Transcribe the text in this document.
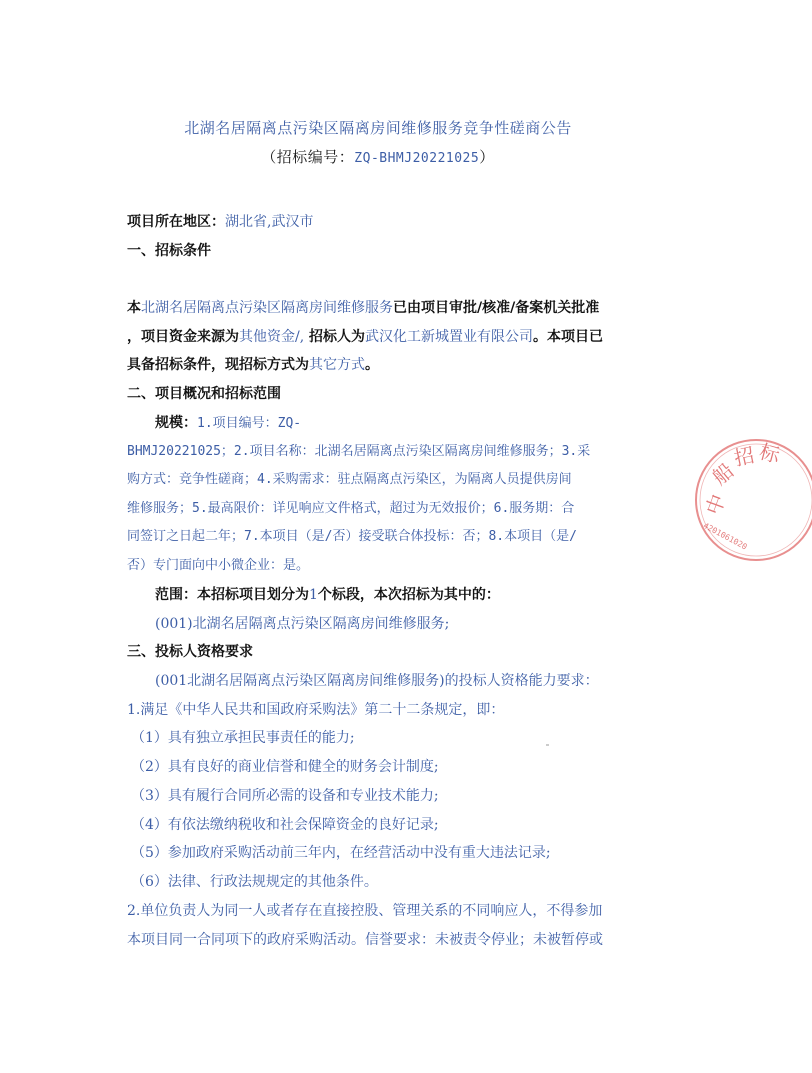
北湖名居隔离点污染区隔离房间维修服务竞争性磋商公告
（招标编号：ZQ-BHMJ20221025）
项目所在地区：湖北省,武汉市
一、招标条件
本北湖名居隔离点污染区隔离房间维修服务已由项目审批/核准/备案机关批准
，项目资金来源为其他资金/, 招标人为武汉化工新城置业有限公司。本项目已
具备招标条件，现招标方式为其它方式。
二、项目概况和招标范围
规模：1.项目编号：ZQ-
BHMJ20221025；2.项目名称：北湖名居隔离点污染区隔离房间维修服务；3.采
购方式：竞争性磋商；4.采购需求：驻点隔离点污染区，为隔离人员提供房间
维修服务；5.最高限价：详见响应文件格式，超过为无效报价；6.服务期：合
同签订之日起二年；7.本项目（是/否）接受联合体投标：否；8.本项目（是/
否）专门面向中小微企业：是。
范围：本招标项目划分为1个标段，本次招标为其中的：
(001)北湖名居隔离点污染区隔离房间维修服务;
三、投标人资格要求
(001北湖名居隔离点污染区隔离房间维修服务)的投标人资格能力要求：
1.满足《中华人民共和国政府采购法》第二十二条规定，即：
（1）具有独立承担民事责任的能力;
（2）具有良好的商业信誉和健全的财务会计制度;
（3）具有履行合同所必需的设备和专业技术能力;
（4）有依法缴纳税收和社会保障资金的良好记录;
（5）参加政府采购活动前三年内，在经营活动中没有重大违法记录;
（6）法律、行政法规规定的其他条件。
2.单位负责人为同一人或者存在直接控股、管理关系的不同响应人，不得参加
本项目同一合同项下的政府采购活动。信誉要求：未被责令停业；未被暂停或
中
船
招 标
4201061020
